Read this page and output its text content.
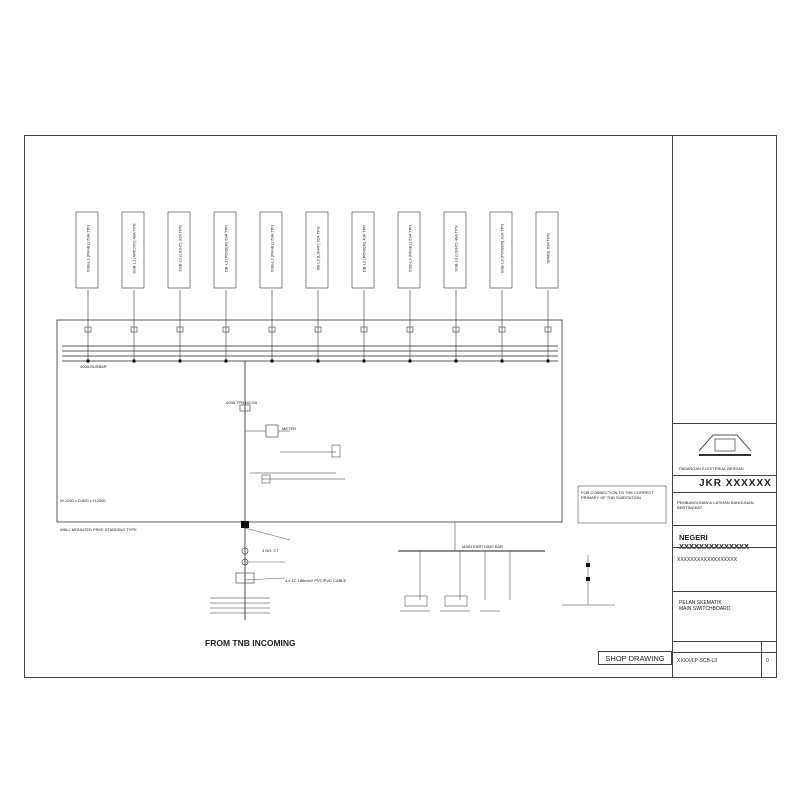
SSB-L1 (PANEL) 63A TPN	SSB-L1 (AIRCON) 40A TPN	SSB-L1 (LIGHT) 32A TPN	DB-L1 (POWER) 63A TPN	SSB-L2 (PANEL) 63A TPN	DB-L2 (LIGHT) 32A TPN	DB-L2 (POWER) 40A TPN	SSB-L3 (PANEL) 63A TPN	SSB-L3 (LIGHT) 40A TPN	SSB-L3 (POWER) 32A TPN	SPARE 63A TPN
400A BUSBAR
400A TPN MCCB
METER
3 NO. CT
4 x 1C 185mm2 PVC/PVC CABLE
MAIN EARTHING BAR
WALL MOUNTED FREE STANDING TYPE
W:1200 x D:600 x H:2000
FOR CONNECTION TO THE CORRECT PRIMARY OF TNB SUBSTATION
FROM TNB INCOMING
SHOP DRAWING
PASANGAN ELEKTRIKAL BERHAD
JKR XXXXXX
PEMBANGUNAN & LATIHAN BANGUNAN BERTINGKAT
NEGERI
XXXXXXXXXXXXXXXXXX
PELAN SKEMATIK
MAIN SWITCHBOARD
XXXX/LP-SCB-L3	0
